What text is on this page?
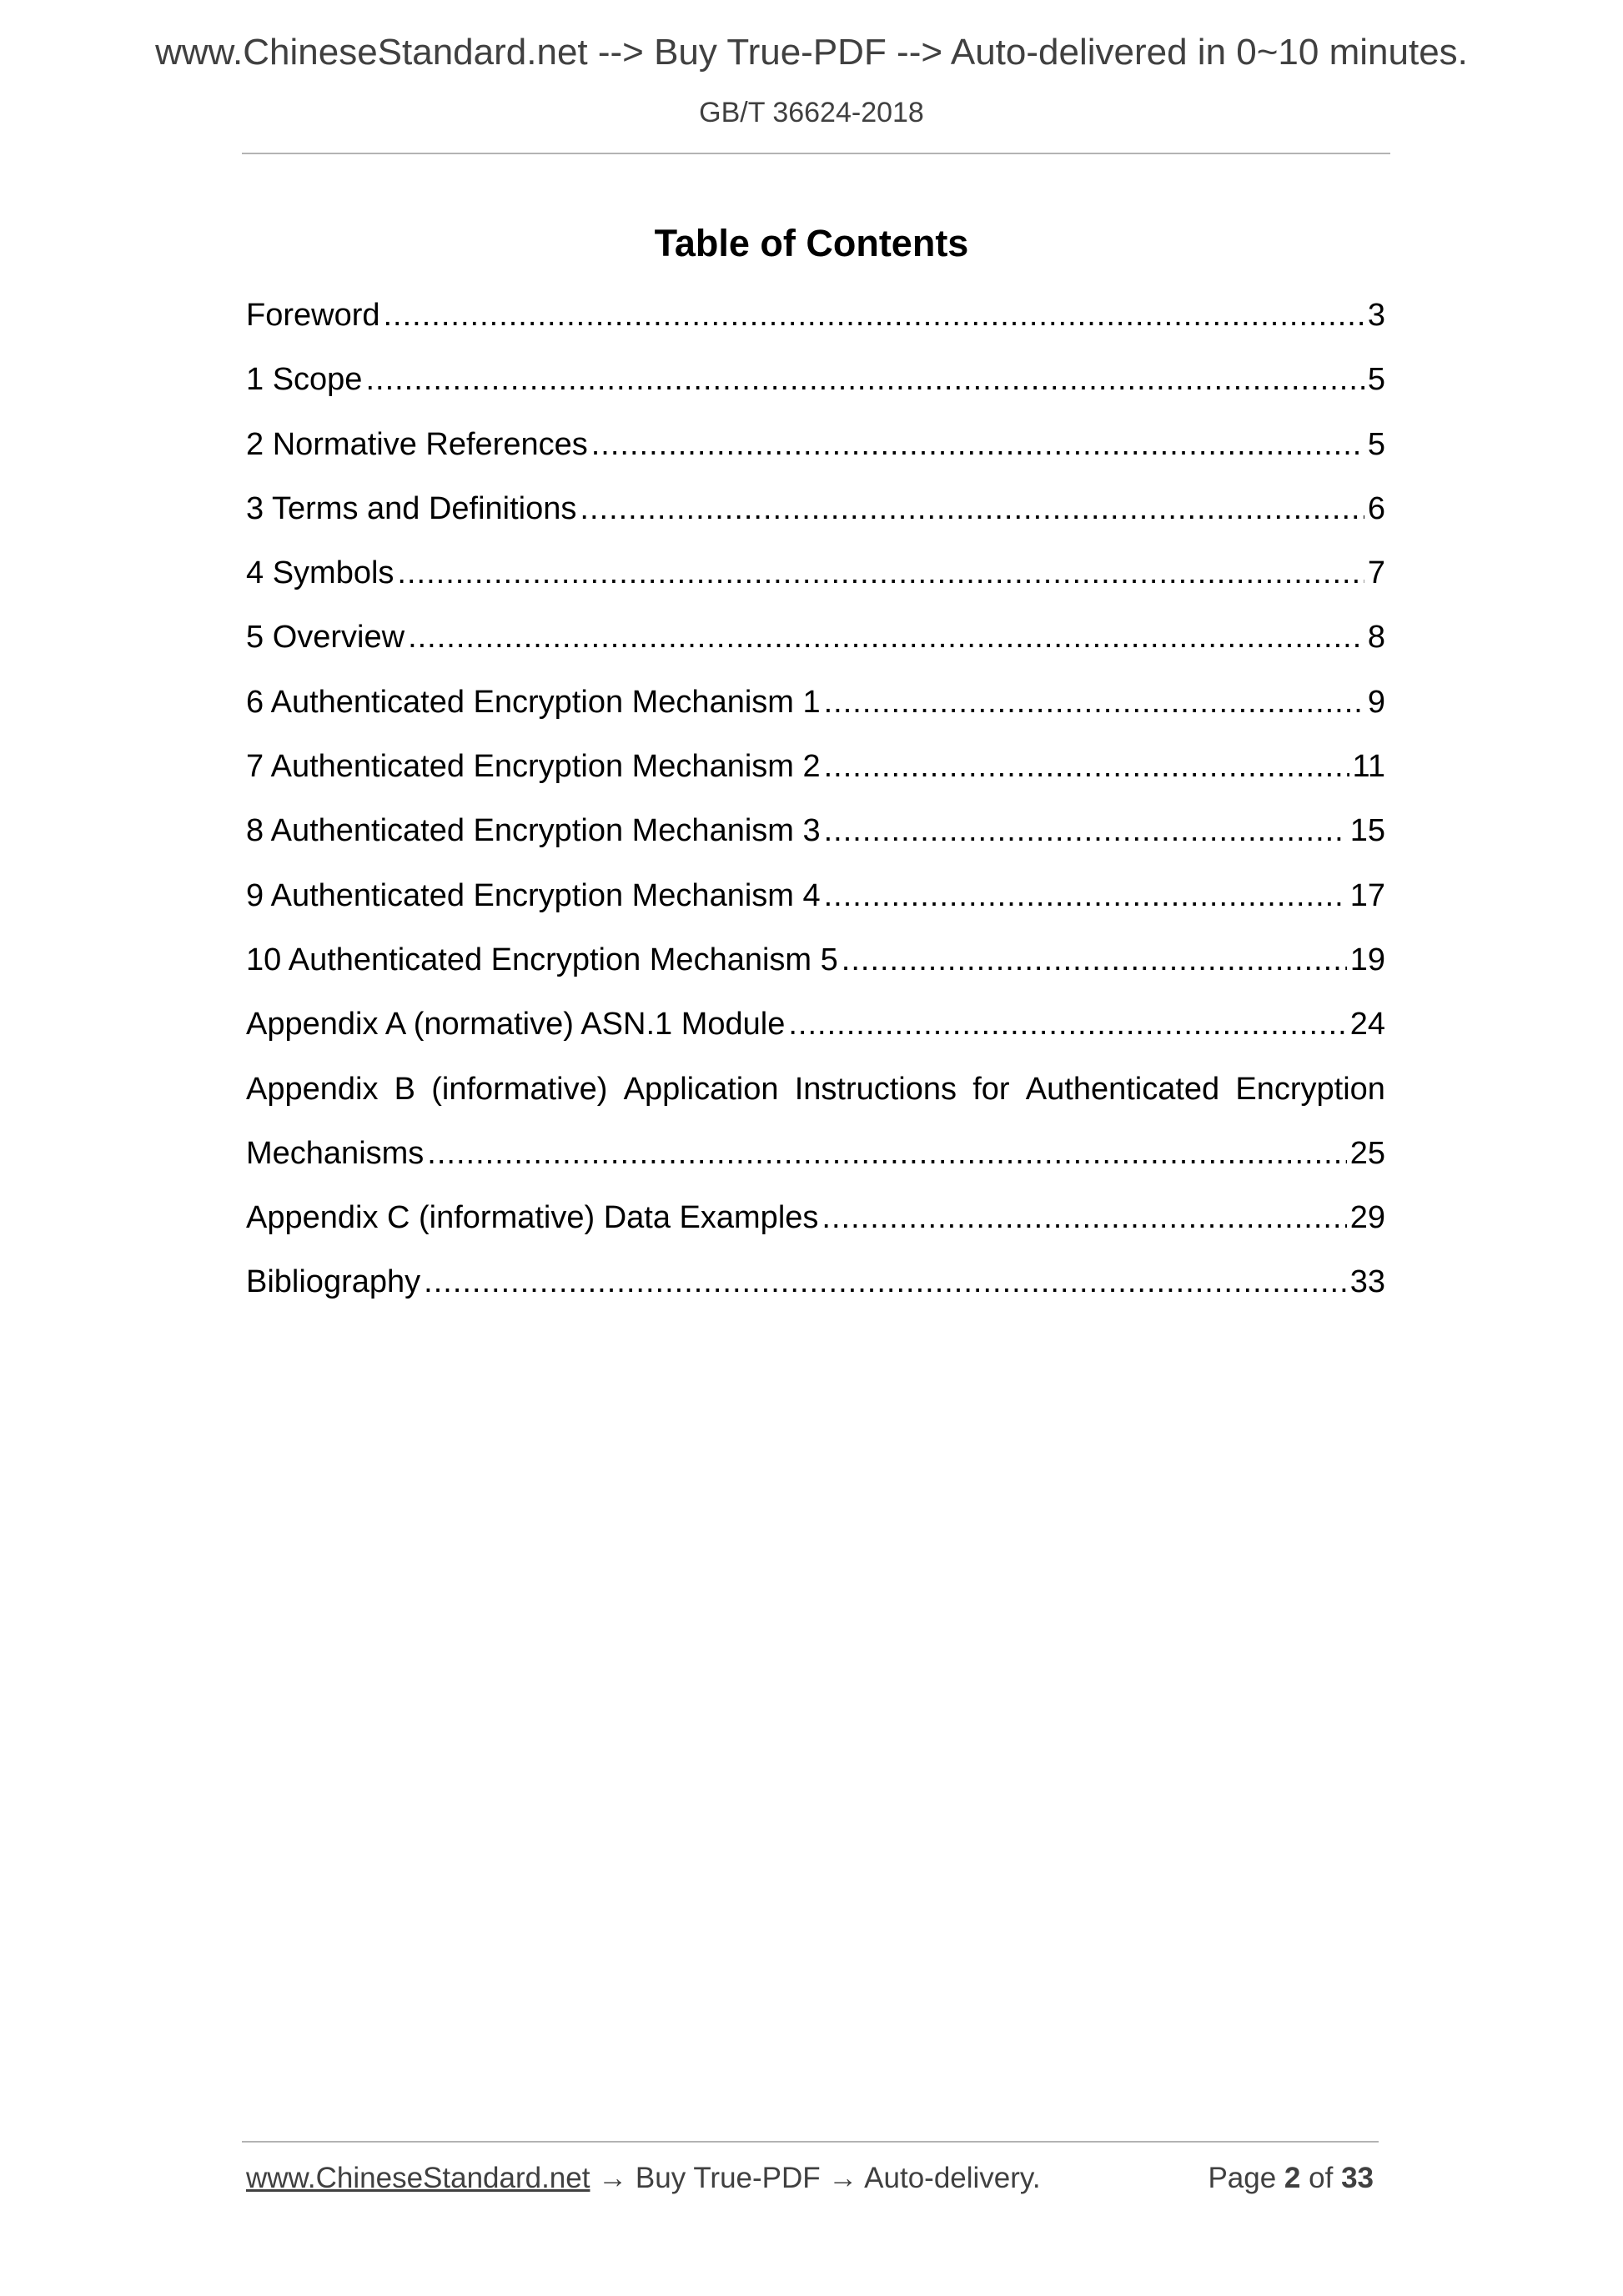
www.ChineseStandard.net --> Buy True-PDF --> Auto-delivered in 0~10 minutes.
GB/T 36624-2018
Table of Contents
Foreword .....	3
1 Scope .....	5
2 Normative References .....	5
3 Terms and Definitions .....	6
4 Symbols .....	7
5 Overview .....	8
6 Authenticated Encryption Mechanism 1 .....	9
7 Authenticated Encryption Mechanism 2 .....	11
8 Authenticated Encryption Mechanism 3 .....	15
9 Authenticated Encryption Mechanism 4 .....	17
10 Authenticated Encryption Mechanism 5 .....	19
Appendix A (normative) ASN.1 Module .....	24
Appendix B (informative) Application Instructions for Authenticated Encryption
Mechanisms .....	25
Appendix C (informative) Data Examples .....	29
Bibliography .....	33
www.ChineseStandard.net → Buy True-PDF → Auto-delivery.	Page 2 of 33
